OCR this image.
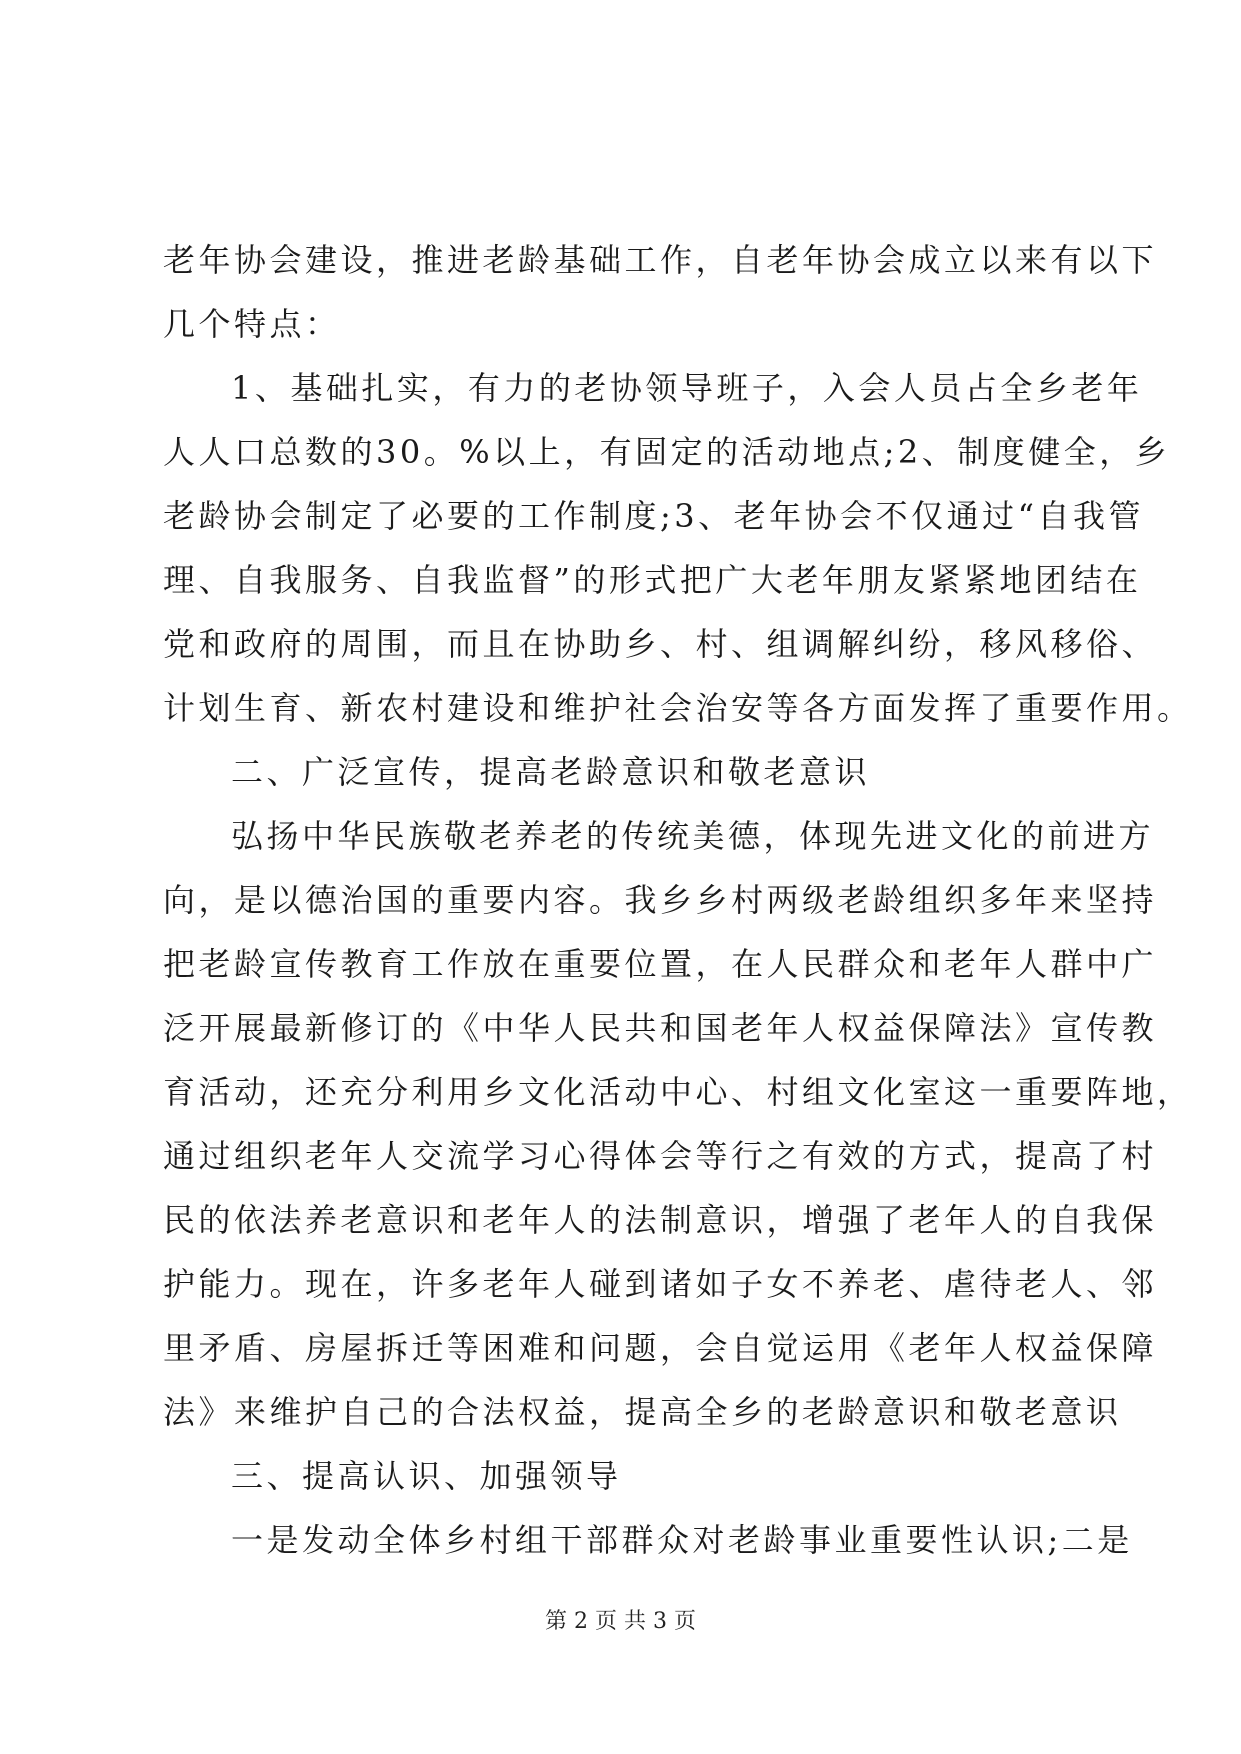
老年协会建设，推进老龄基础工作，自老年协会成立以来有以下
几个特点：
1、基础扎实，有力的老协领导班子，入会人员占全乡老年
人人口总数的30。%以上，有固定的活动地点;2、制度健全，乡
老龄协会制定了必要的工作制度;3、老年协会不仅通过“自我管
理、自我服务、自我监督”的形式把广大老年朋友紧紧地团结在
党和政府的周围，而且在协助乡、村、组调解纠纷，移风移俗、
计划生育、新农村建设和维护社会治安等各方面发挥了重要作用。
二、广泛宣传，提高老龄意识和敬老意识
弘扬中华民族敬老养老的传统美德，体现先进文化的前进方
向，是以德治国的重要内容。我乡乡村两级老龄组织多年来坚持
把老龄宣传教育工作放在重要位置，在人民群众和老年人群中广
泛开展最新修订的《中华人民共和国老年人权益保障法》宣传教
育活动，还充分利用乡文化活动中心、村组文化室这一重要阵地，
通过组织老年人交流学习心得体会等行之有效的方式，提高了村
民的依法养老意识和老年人的法制意识，增强了老年人的自我保
护能力。现在，许多老年人碰到诸如子女不养老、虐待老人、邻
里矛盾、房屋拆迁等困难和问题，会自觉运用《老年人权益保障
法》来维护自己的合法权益，提高全乡的老龄意识和敬老意识
三、提高认识、加强领导
一是发动全体乡村组干部群众对老龄事业重要性认识;二是
第 2 页 共 3 页
